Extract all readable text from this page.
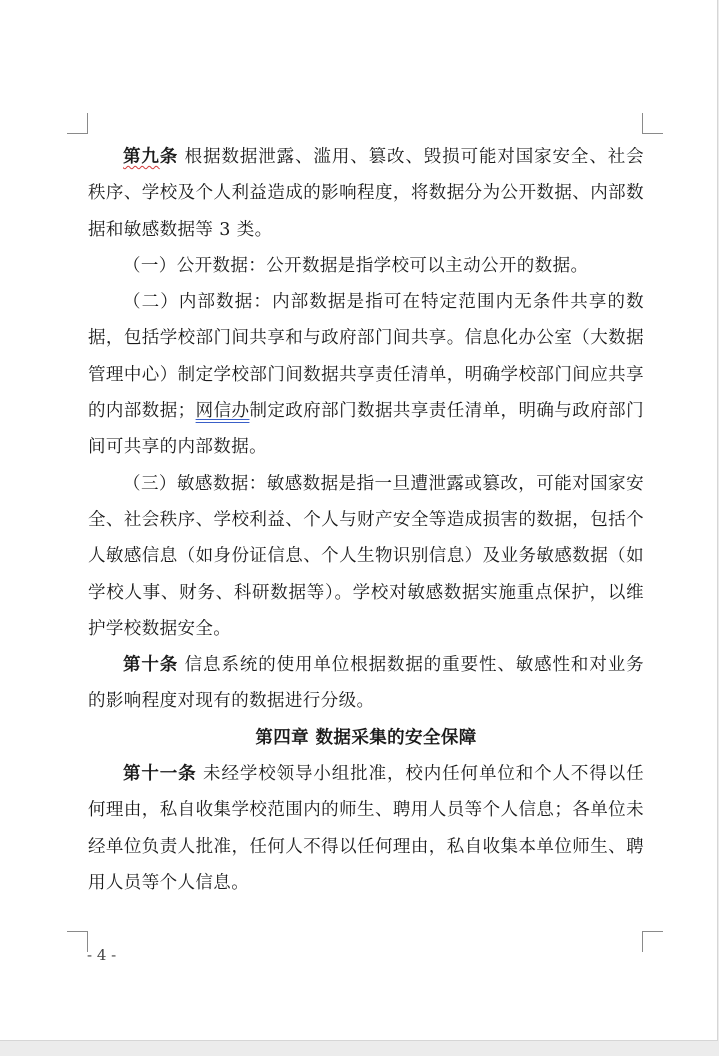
第九条 根据数据泄露、滥用、篡改、毁损可能对国家安全、社会秩序、学校及个人利益造成的影响程度，将数据分为公开数据、内部数据和敏感数据等 3 类。

（一）公开数据：公开数据是指学校可以主动公开的数据。

（二）内部数据：内部数据是指可在特定范围内无条件共享的数据，包括学校部门间共享和与政府部门间共享。信息化办公室（大数据管理中心）制定学校部门间数据共享责任清单，明确学校部门间应共享的内部数据；网信办制定政府部门数据共享责任清单，明确与政府部门间可共享的内部数据。

（三）敏感数据：敏感数据是指一旦遭泄露或篡改，可能对国家安全、社会秩序、学校利益、个人与财产安全等造成损害的数据，包括个人敏感信息（如身份证信息、个人生物识别信息）及业务敏感数据（如学校人事、财务、科研数据等）。学校对敏感数据实施重点保护，以维护学校数据安全。

第十条 信息系统的使用单位根据数据的重要性、敏感性和对业务的影响程度对现有的数据进行分级。

第四章 数据采集的安全保障

第十一条 未经学校领导小组批准，校内任何单位和个人不得以任何理由，私自收集学校范围内的师生、聘用人员等个人信息；各单位未经单位负责人批准，任何人不得以任何理由，私自收集本单位师生、聘用人员等个人信息。

- 4 -
